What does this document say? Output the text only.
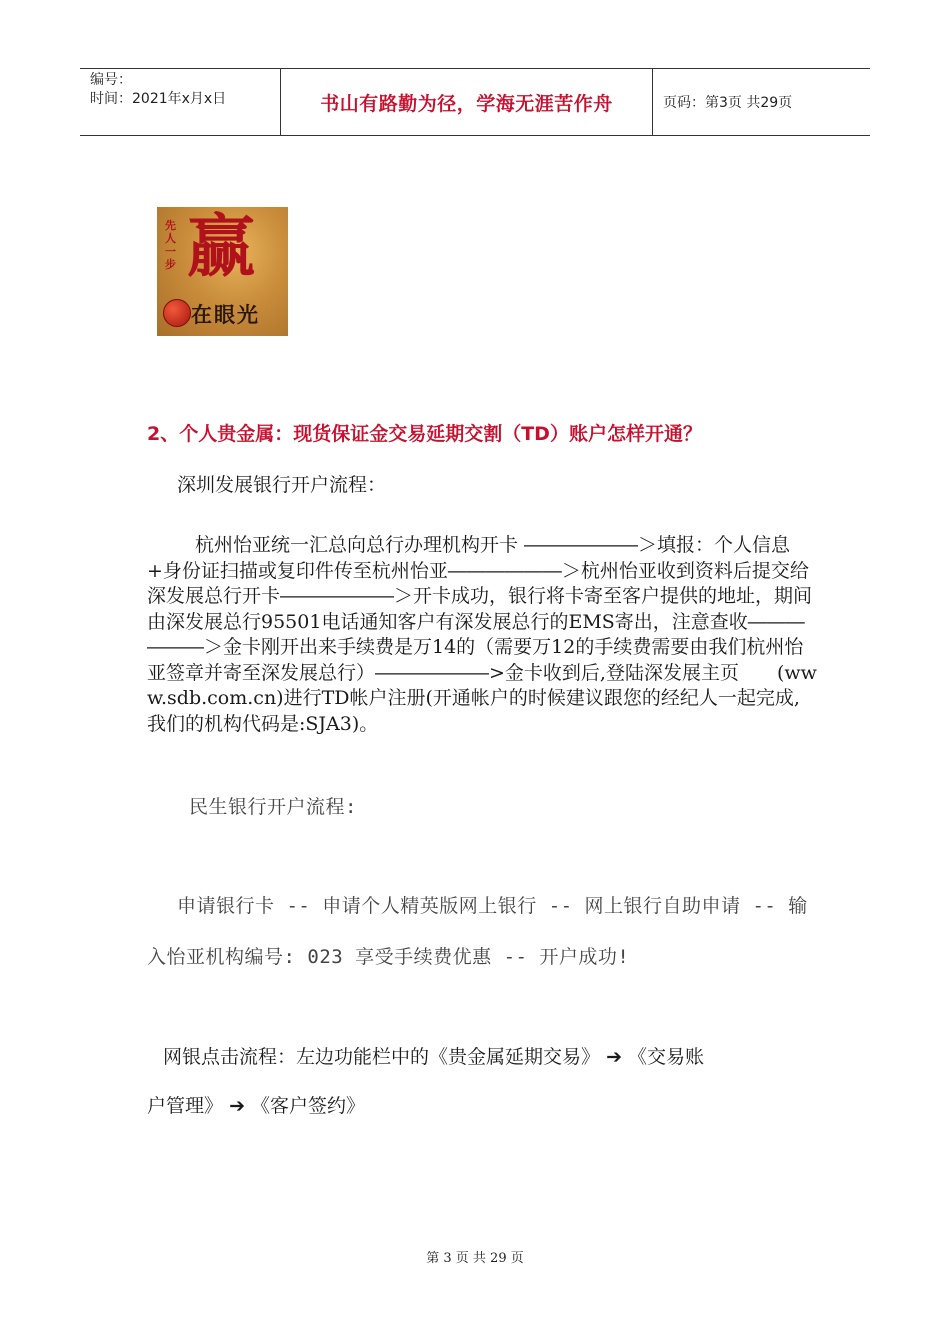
编号：
时间：2021年x月x日	书山有路勤为径，学海无涯苦作舟	页码：第3页 共29页
先人一步 赢
在眼光
2、个人贵金属：现货保证金交易延期交割（TD）账户怎样开通？
深圳发展银行开户流程：
杭州怡亚统一汇总向总行办理机构开卡 ――――――＞填报：个人信息+身份证扫描或复印件传至杭州怡亚――――――＞杭州怡亚收到资料后提交给深发展总行开卡――――――＞开卡成功，银行将卡寄至客户提供的地址，期间由深发展总行95501电话通知客户有深发展总行的EMS寄出，注意查收――――――＞金卡刚开出来手续费是万14的（需要万12的手续费需要由我们杭州怡亚签章并寄至深发展总行）――――――>金卡收到后,登陆深发展主页　　(www.sdb.com.cn)进行TD帐户注册(开通帐户的时候建议跟您的经纪人一起完成,我们的机构代码是:SJA3)。
民生银行开户流程:
申请银行卡 -- 申请个人精英版网上银行 -- 网上银行自助申请 -- 输
入怡亚机构编号: 023 享受手续费优惠 -- 开户成功!
网银点击流程：左边功能栏中的《贵金属延期交易》 ➔ 《交易账
户管理》 ➔ 《客户签约》
第 3 页 共 29 页
